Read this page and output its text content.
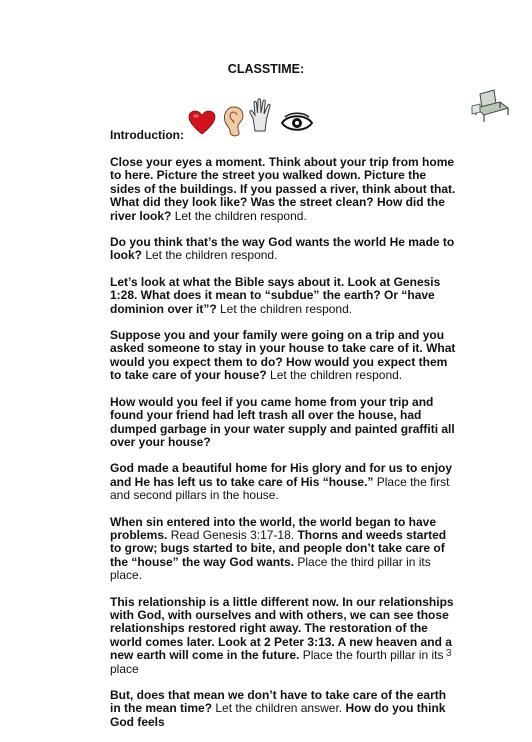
CLASSTIME:
Introduction:

Close your eyes a moment. Think about your trip from home to here. Picture the street you walked down. Picture the sides of the buildings. If you passed a river, think about that. What did they look like? Was the street clean? How did the river look? Let the children respond.

Do you think that’s the way God wants the world He made to look? Let the children respond.

Let’s look at what the Bible says about it. Look at Genesis 1:28. What does it mean to “subdue” the earth? Or “have dominion over it”? Let the children respond.

Suppose you and your family were going on a trip and you asked someone to stay in your house to take care of it. What would you expect them to do? How would you expect them to take care of your house? Let the children respond.

How would you feel if you came home from your trip and found your friend had left trash all over the house, had dumped garbage in your water supply and painted graffiti all over your house?

God made a beautiful home for His glory and for us to enjoy and He has left us to take care of His “house.” Place the first and second pillars in the house.

When sin entered into the world, the world began to have problems. Read Genesis 3:17-18. Thorns and weeds started to grow; bugs started to bite, and people don’t take care of the “house” the way God wants. Place the third pillar in its place.

This relationship is a little different now. In our relationships with God, with ourselves and with others, we can see those relationships restored right away. The restoration of the world comes later. Look at 2 Peter 3:13. A new heaven and a new earth will come in the future. Place the fourth pillar in its place

But, does that mean we don’t have to take care of the earth in the mean time? Let the children answer. How do you think God feels

3
